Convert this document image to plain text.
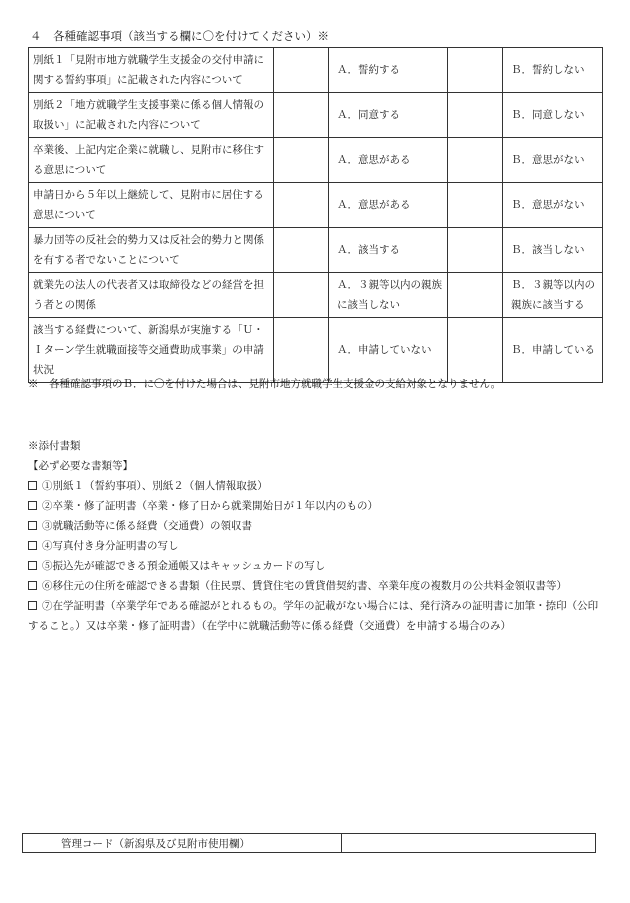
４　各種確認事項（該当する欄に〇を付けてください）※
別紙１「見附市地方就職学生支援金の交付申請に関する誓約事項」に記載された内容について		Ａ．誓約する		Ｂ．誓約しない
別紙２「地方就職学生支援事業に係る個人情報の取扱い」に記載された内容について		Ａ．同意する		Ｂ．同意しない
卒業後、上記内定企業に就職し、見附市に移住する意思について		Ａ．意思がある		Ｂ．意思がない
申請日から５年以上継続して、見附市に居住する意思について		Ａ．意思がある		Ｂ．意思がない
暴力団等の反社会的勢力又は反社会的勢力と関係を有する者でないことについて		Ａ．該当する		Ｂ．該当しない
就業先の法人の代表者又は取締役などの経営を担う者との関係		Ａ．３親等以内の親族に該当しない		Ｂ．３親等以内の親族に該当する
該当する経費について、新潟県が実施する「Ｕ・Ｉターン学生就職面接等交通費助成事業」の申請状況		Ａ．申請していない		Ｂ．申請している
※　各種確認事項のＢ．に〇を付けた場合は、見附市地方就職学生支援金の支給対象となりません。
※添付書類
【必ず必要な書類等】
①別紙１（誓約事項）、別紙２（個人情報取扱）
②卒業・修了証明書（卒業・修了日から就業開始日が１年以内のもの）
③就職活動等に係る経費（交通費）の領収書
④写真付き身分証明書の写し
⑤振込先が確認できる預金通帳又はキャッシュカードの写し
⑥移住元の住所を確認できる書類（住民票、賃貸住宅の賃貸借契約書、卒業年度の複数月の公共料金領収書等）
⑦在学証明書（卒業学年である確認がとれるもの。学年の記載がない場合には、発行済みの証明書に加筆・捺印（公印すること。）又は卒業・修了証明書）（在学中に就職活動等に係る経費（交通費）を申請する場合のみ）
管理コード（新潟県及び見附市使用欄）	
